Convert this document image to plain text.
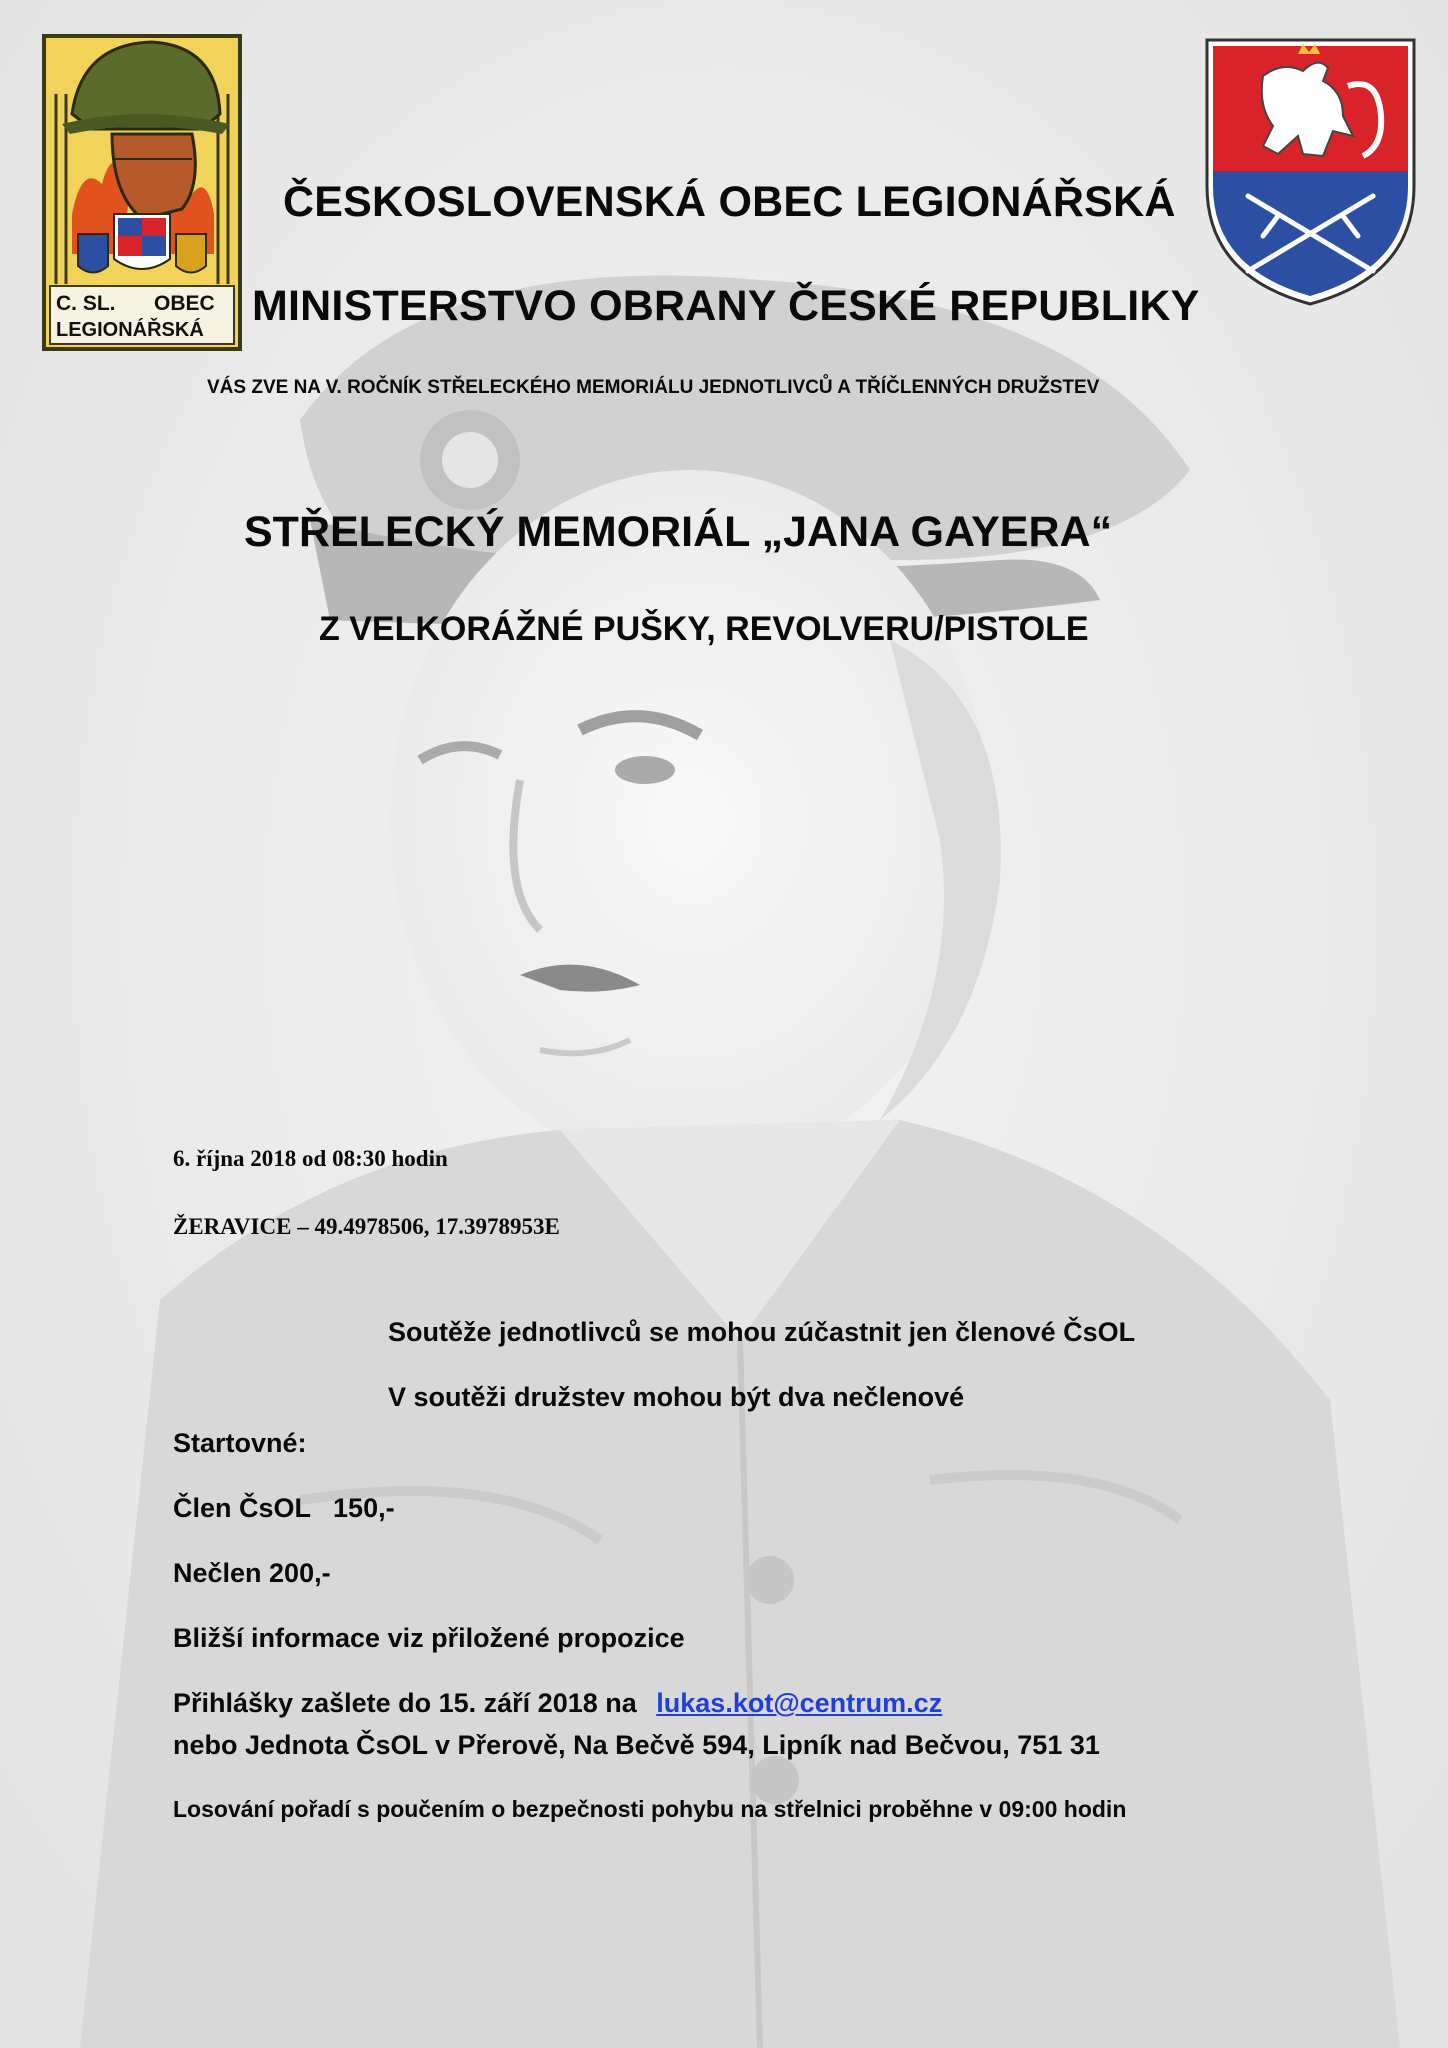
C. SL. OBEC
LEGIONÁŘSKÁ
ČESKOSLOVENSKÁ OBEC LEGIONÁŘSKÁ
MINISTERSTVO OBRANY ČESKÉ REPUBLIKY
VÁS ZVE NA V. ROČNÍK STŘELECKÉHO MEMORIÁLU JEDNOTLIVCŮ A TŘÍČLENNÝCH DRUŽSTEV
STŘELECKÝ MEMORIÁL „JANA GAYERA“
Z VELKORÁŽNÉ PUŠKY, REVOLVERU/PISTOLE
6. října 2018 od 08:30 hodin
ŽERAVICE – 49.4978506, 17.3978953E
Soutěže jednotlivců se mohou zúčastnit jen členové ČsOL
V soutěži družstev mohou být dva nečlenové
Startovné:
Člen ČsOL   150,-
Nečlen 200,-
Bližší informace viz přiložené propozice
Přihlášky zašlete do 15. září 2018 na lukas.kot@centrum.cz
nebo Jednota ČsOL v Přerově, Na Bečvě 594, Lipník nad Bečvou, 751 31
Losování pořadí s poučením o bezpečnosti pohybu na střelnici proběhne v 09:00 hodin
